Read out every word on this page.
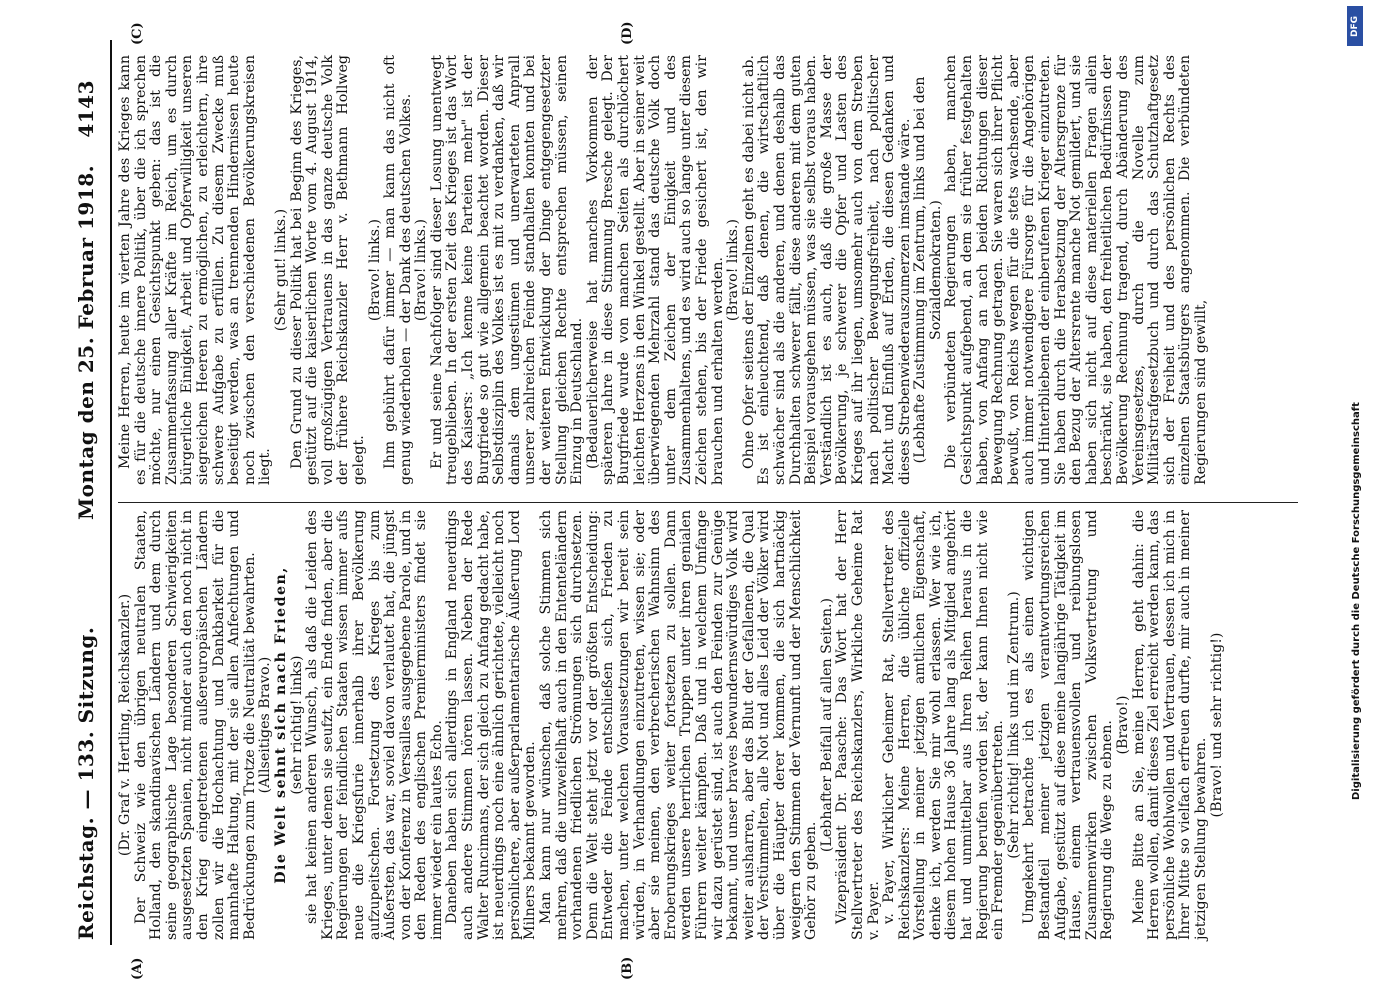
Reichstag. — 133. Sitzung.
Montag den 25. Februar 1918.
4143
(A)	(B)
(C)	(D)

(Dr. Graf v. Hertling, Reichskanzler.) Der Schweiz wie den übrigen neutralen Staaten, Holland, den skandinavischen Ländern und dem durch seine geographische Lage besonderen Schwierigkeiten ausgesetzten Spanien, nicht minder auch den noch nicht in den Krieg eingetretenen außereuropäischen Ländern zollen wir die Hochachtung und Dankbarkeit für die mannhafte Haltung, mit der sie allen Anfechtungen und Bedrückungen zum Trotze die Neutralität bewahrten. (Allseitiges Bravo.) Die Welt sehnt sich nach Frieden, (sehr richtig! links) sie hat keinen anderen Wunsch, als daß die Leiden des Krieges, unter denen sie seufzt, ein Ende finden, aber die Regierungen der feindlichen Staaten wissen immer aufs neue die Kriegsfurie innerhalb ihrer Bevölkerung aufzupeitschen. Fortsetzung des Krieges bis zum Äußersten, das war, soviel davon verlautet hat, die jüngst von der Konferenz in Versailles ausgegebene Parole, und in den Reden des englischen Premierministers findet sie immer wieder ein lautes Echo. Daneben haben sich allerdings in England neuerdings auch andere Stimmen hören lassen. Neben der Rede Walter Runcimans, der sich gleich zu Anfang gedacht habe, ist neuerdings noch eine ähnlich gerichtete, vielleicht noch persönlichere, aber außerparlamentarische Äußerung Lord Milners bekannt geworden. Man kann nur wünschen, daß solche Stimmen sich mehren, daß die unzweifelhaft auch in den Ententeländern vorhandenen friedlichen Strömungen sich durchsetzen. Denn die Welt steht jetzt vor der größten Entscheidung: Entweder die Feinde entschließen sich, Frieden zu machen, unter welchen Voraussetzungen wir bereit sein würden, in Verhandlungen einzutreten, wissen sie; oder aber sie meinen, den verbrecherischen Wahnsinn des Eroberungskrieges weiter fortsetzen zu sollen. Dann werden unsere herrlichen Truppen unter ihren genialen Führern weiter kämpfen. Daß und in welchem Umfange wir dazu gerüstet sind, ist auch den Feinden zur Genüge bekannt, und unser braves bewundernswürdiges Volk wird weiter ausharren, aber das Blut der Gefallenen, die Qual der Verstümmelten, alle Not und alles Leid der Völker wird über die Häupter derer kommen, die sich hartnäckig weigern den Stimmen der Vernunft und der Menschlichkeit Gehör zu geben.

(Lebhafter Beifall auf allen Seiten.) Vizepräsident Dr. Paasche: Das Wort hat der Herr Stellvertreter des Reichskanzlers, Wirkliche Geheime Rat v. Payer. v. Payer, Wirklicher Geheimer Rat, Stellvertreter des Reichskanzlers: Meine Herren, die übliche offizielle Vorstellung in meiner jetzigen amtlichen Eigenschaft, denke ich, werden Sie mir wohl erlassen. Wer wie ich, diesem hohen Hause 36 Jahre lang als Mitglied angehört hat und unmittelbar aus Ihren Reihen heraus in die Regierung berufen worden ist, der kann Ihnen nicht wie ein Fremder gegenübertreten. (Sehr richtig! links und im Zentrum.) Umgekehrt betrachte ich es als einen wichtigen Bestandteil meiner jetzigen verantwortungsreichen Aufgabe, gestützt auf diese meine langjährige Tätigkeit im Hause, einem vertrauensvollen und reibungslosen Zusammenwirken zwischen Volksvertretung und Regierung die Wege zu ebnen. (Bravo!) Meine Bitte an Sie, meine Herren, geht dahin: die Herren wollen, damit dieses Ziel erreicht werden kann, das persönliche Wohlwollen und Vertrauen, dessen ich mich in Ihrer Mitte so vielfach erfreuen durfte, mir auch in meiner jetzigen Stellung bewahren.

(Bravo! und sehr richtig!)

Meine Herren, heute im vierten Jahre des Krieges kann es für die deutsche innere Politik, über die ich sprechen möchte, nur einen Gesichtspunkt geben: das ist die Zusammenfassung aller Kräfte im Reich, um es durch bürgerliche Einigkeit, Arbeit und Opferwilligkeit unseren siegreichen Heeren zu ermöglichen, zu erleichtern, ihre schwere Aufgabe zu erfüllen. Zu diesem Zwecke muß beseitigt werden, was an trennenden Hindernissen heute noch zwischen den verschiedenen Bevölkerungskreisen liegt.

(Sehr gut! links.) Den Grund zu dieser Politik hat bei Beginn des Krieges, gestützt auf die kaiserlichen Worte vom 4. August 1914, voll großzügigen Vertrauens in das ganze deutsche Volk der frühere Reichskanzler Herr v. Bethmann Hollweg gelegt.

(Bravo! links.) Ihm gebührt dafür immer — man kann das nicht oft genug wiederholen — der Dank des deutschen Volkes. (Bravo! links.) Er und seine Nachfolger sind dieser Losung unentwegt treugeblieben. In der ersten Zeit des Krieges ist das Wort des Kaisers: „Ich kenne keine Parteien mehr" ist der Burgfriede so gut wie allgemein beachtet worden. Dieser Selbstdisziplin des Volkes ist es mit zu verdanken, daß wir damals dem ungestümen und unerwarteten Anprall unserer zahlreichen Feinde standhalten konnten und bei der weiteren Entwicklung der Dinge entgegengesetzter Stellung gleichen Rechte entsprechen müssen, seinen Einzug in Deutschland. (Bedauerlicherweise hat manches Vorkommen der späteren Jahre in diese Stimmung Bresche gelegt. Der Burgfriede wurde von manchen Seiten als durchlöchert leichten Herzens in den Winkel gestellt. Aber in seiner weit überwiegenden Mehrzahl stand das deutsche Volk doch unter dem Zeichen der Einigkeit und des Zusammenhaltens, und es wird auch so lange unter diesem Zeichen stehen, bis der Friede gesichert ist, den wir brauchen und erhalten werden. (Bravo! links.) Ohne Opfer seitens der Einzelnen geht es dabei nicht ab. Es ist einleuchtend, daß denen, die wirtschaftlich schwächer sind als die anderen, und denen deshalb das Durchhalten schwerer fällt, diese anderen mit dem guten Beispiel vorausgehen müssen, was sie selbst voraus haben. Verständlich ist es auch, daß die große Masse der Bevölkerung, je schwerer die Opfer und Lasten des Krieges auf ihr liegen, umsomehr auch von dem Streben nach politischer Bewegungsfreiheit, nach politischer Macht und Einfluß auf Erden, die diesen Gedanken und dieses Strebenwiederauszumerzen imstande wäre. (Lebhafte Zustimmung im Zentrum, links und bei den Sozialdemokraten.) Die verbündeten Regierungen haben, manchen Gesichtspunkt aufgebend, an dem sie früher festgehalten haben, von Anfang an nach beiden Richtungen dieser Bewegung Rechnung getragen. Sie waren sich ihrer Pflicht bewußt, von Reichs wegen für die stets wachsende, aber auch immer notwendigere Fürsorge für die Angehörigen und Hinterbliebenen der einberufenen Krieger einzutreten. Sie haben durch die Herabsetzung der Altersgrenze für den Bezug der Altersrente manche Not gemildert, und sie haben sich nicht auf diese materiellen Fragen allein beschränkt, sie haben, den freiheitlichen Bedürfnissen der Bevölkerung Rechnung tragend, durch Abänderung des Vereinsgesetzes, durch die Novelle zum Militärstrafgesetzbuch und durch das Schutzhaftgesetz sich der Freiheit und des persönlichen Rechts des einzelnen Staatsbürgers angenommen. Die verbündeten Regierungen sind gewillt,

DFG
Digitalisierung gefördert durch die Deutsche Forschungsgemeinschaft
